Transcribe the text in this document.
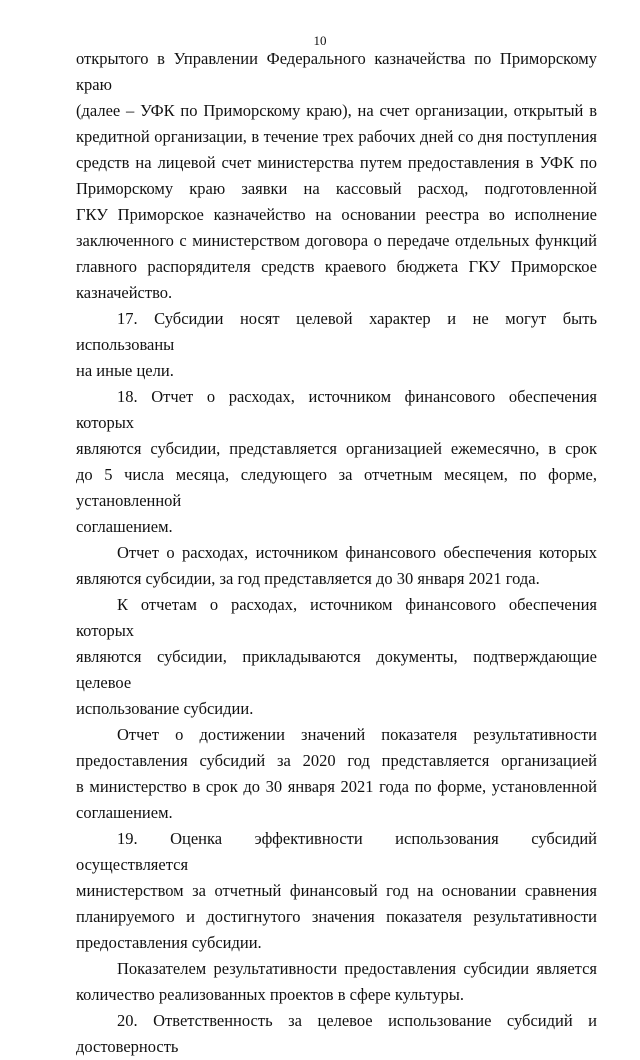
10

открытого в Управлении Федерального казначейства по Приморскому краю

(далее – УФК по Приморскому краю), на счет организации, открытый в

кредитной организации, в течение трех рабочих дней со дня поступления

средств на лицевой счет министерства путем предоставления в УФК по

Приморскому краю заявки на кассовый расход, подготовленной

ГКУ Приморское казначейство на основании реестра во исполнение

заключенного с министерством договора о передаче отдельных функций

главного распорядителя средств краевого бюджета ГКУ Приморское

казначейство.

17. Субсидии носят целевой характер и не могут быть использованы

на иные цели.

18. Отчет о расходах, источником финансового обеспечения которых

являются субсидии, представляется организацией ежемесячно, в срок

до 5 числа месяца, следующего за отчетным месяцем, по форме, установленной

соглашением.

Отчет о расходах, источником финансового обеспечения которых

являются субсидии, за год представляется до 30 января 2021 года.

К отчетам о расходах, источником финансового обеспечения которых

являются субсидии, прикладываются документы, подтверждающие целевое

использование субсидии.

Отчет о достижении значений показателя результативности

предоставления субсидий за 2020 год представляется организацией

в министерство в срок до 30 января 2021 года по форме, установленной

соглашением.

19. Оценка эффективности использования субсидий осуществляется

министерством за отчетный финансовый год на основании сравнения

планируемого и достигнутого значения показателя результативности

предоставления субсидии.

Показателем результативности предоставления субсидии является

количество реализованных проектов в сфере культуры.

20. Ответственность за целевое использование субсидий и достоверность
